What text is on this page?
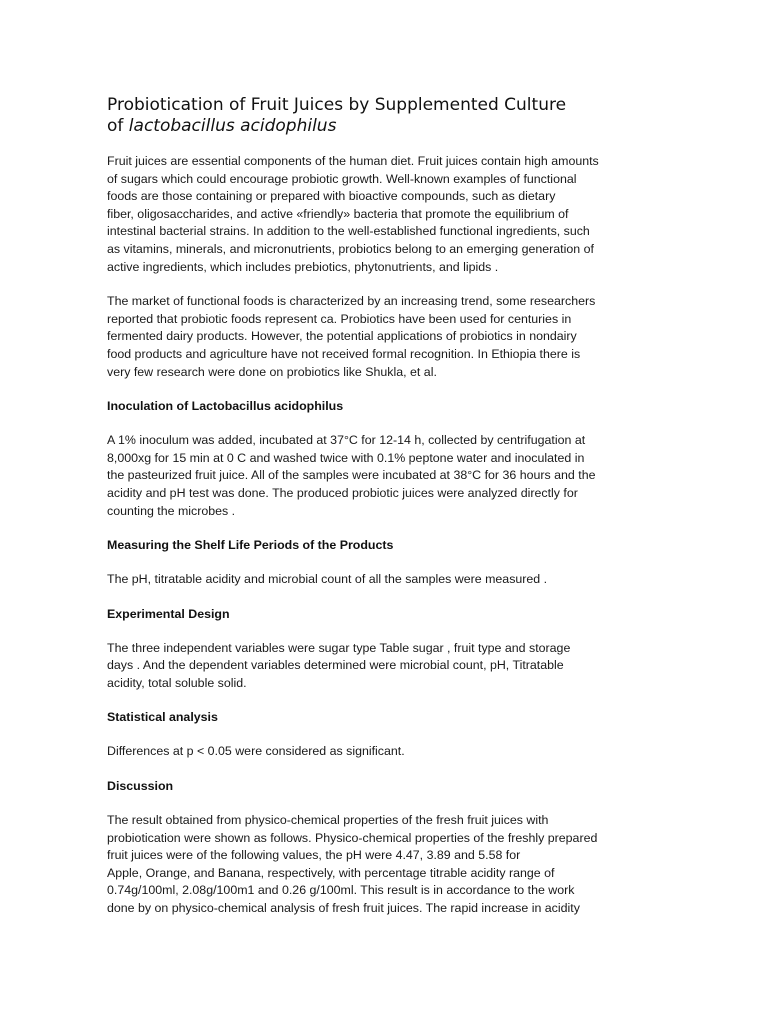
Probiotication of Fruit Juices by Supplemented Culture
of lactobacillus acidophilus

Fruit juices are essential components of the human diet. Fruit juices contain high amounts
of sugars which could encourage probiotic growth. Well-known examples of functional
foods are those containing or prepared with bioactive compounds, such as dietary
fiber, oligosaccharides, and active «friendly» bacteria that promote the equilibrium of
intestinal bacterial strains. In addition to the well-established functional ingredients, such
as vitamins, minerals, and micronutrients, probiotics belong to an emerging generation of
active ingredients, which includes prebiotics, phytonutrients, and lipids .

The market of functional foods is characterized by an increasing trend, some researchers
reported that probiotic foods represent ca. Probiotics have been used for centuries in
fermented dairy products. However, the potential applications of probiotics in nondairy
food products and agriculture have not received formal recognition. In Ethiopia there is
very few research were done on probiotics like Shukla, et al.

Inoculation of Lactobacillus acidophilus

A 1% inoculum was added, incubated at 37°C for 12-14 h, collected by centrifugation at
8,000xg for 15 min at 0 C and washed twice with 0.1% peptone water and inoculated in
the pasteurized fruit juice. All of the samples were incubated at 38°C for 36 hours and the
acidity and pH test was done. The produced probiotic juices were analyzed directly for
counting the microbes .

Measuring the Shelf Life Periods of the Products

The pH, titratable acidity and microbial count of all the samples were measured .

Experimental Design

The three independent variables were sugar type Table sugar , fruit type and storage
days . And the dependent variables determined were microbial count, pH, Titratable
acidity, total soluble solid.

Statistical analysis

Differences at p < 0.05 were considered as significant.

Discussion

The result obtained from physico-chemical properties of the fresh fruit juices with
probiotication were shown as follows. Physico-chemical properties of the freshly prepared
fruit juices were of the following values, the pH were 4.47, 3.89 and 5.58 for
Apple, Orange, and Banana, respectively, with percentage titrable acidity range of
0.74g/100ml, 2.08g/100m1 and 0.26 g/100ml. This result is in accordance to the work
done by on physico-chemical analysis of fresh fruit juices. The rapid increase in acidity
